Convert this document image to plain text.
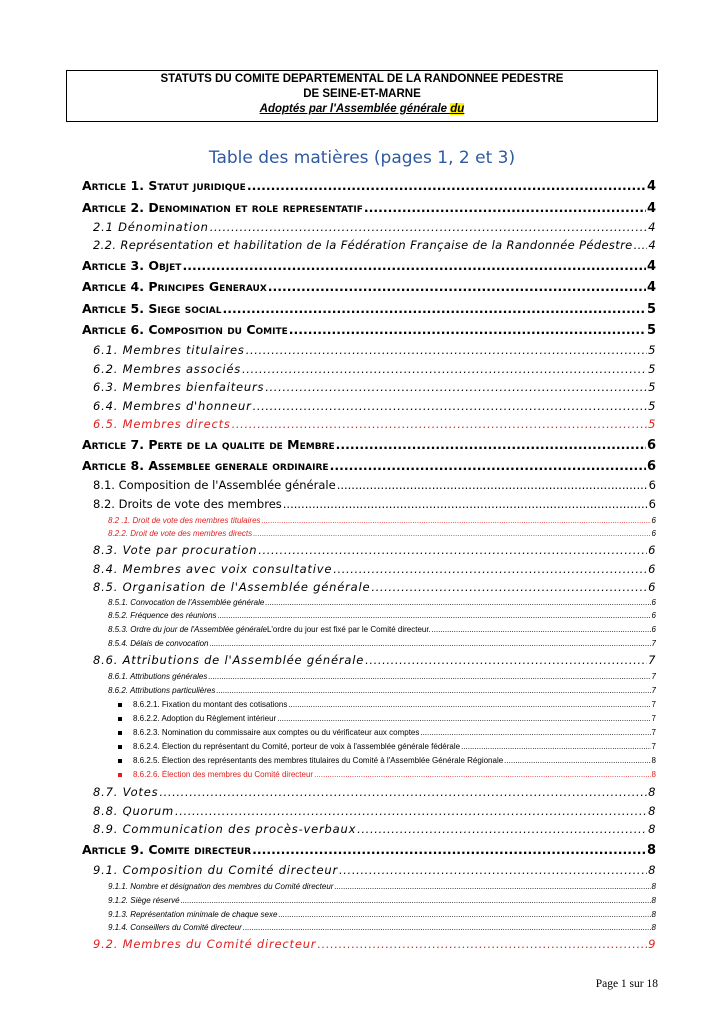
STATUTS DU COMITE DEPARTEMENTAL DE LA RANDONNEE PEDESTRE
DE SEINE-ET-MARNE
Adoptés par l'Assemblée générale du
Table des matières (pages 1, 2 et 3)
Article 1. Statut juridique .....	4
Article 2. Denomination et role representatif .....	4
2.1 Dénomination .....	4
2.2. Représentation et habilitation de la Fédération Française de la Randonnée Pédestre ..... 4
Article 3. Objet .....	4
Article 4. Principes Generaux .....	4
Article 5. Siege social .....	5
Article 6. Composition du Comite .....	5
6.1. Membres titulaires .....	5
6.2. Membres associés .....	5
6.3. Membres bienfaiteurs .....	5
6.4. Membres d'honneur .....	5
6.5. Membres directs .....	5
Article 7. Perte de la qualite de Membre .....	6
Article 8. Assemblee generale ordinaire .....	6
8.1. Composition de l'Assemblée générale .....	6
8.2. Droits de vote des membres .....	6
8.2 .1. Droit de vote des membres titulaires .....	6
8.2.2. Droit de vote des membres directs .....	6
8.3. Vote par procuration .....	6
8.4. Membres avec voix consultative .....	6
8.5. Organisation de l'Assemblée générale .....	6
8.5.1. Convocation de l'Assemblée générale .....	6
8.5.2. Fréquence des réunions .....	6
8.5.3. Ordre du jour de l'Assemblée générale L'ordre du jour est fixé par le Comité directeur. .....	6
8.5.4. Délais de convocation .....	7
8.6. Attributions de l'Assemblée générale .....	7
8.6.1. Attributions générales .....	7
8.6.2. Attributions particulières .....	7
8.6.2.1. Fixation du montant des cotisations .....	7
8.6.2.2. Adoption du Règlement intérieur .....	7
8.6.2.3. Nomination du commissaire aux comptes ou du vérificateur aux comptes .....	7
8.6.2.4. Élection du représentant du Comité, porteur de voix à l'assemblée générale fédérale .....	7
8.6.2.5. Élection des représentants des membres titulaires du Comité à l'Assemblée Générale Régionale .....	8
8.6.2.6. Élection des membres du Comité directeur .....	8
8.7. Votes .....	8
8.8. Quorum .....	8
8.9. Communication des procès-verbaux .....	8
Article 9. Comite directeur .....	8
9.1. Composition du Comité directeur .....	8
9.1.1. Nombre et désignation des membres du Comité directeur .....	8
9.1.2. Siège réservé .....	8
9.1.3. Représentation minimale de chaque sexe .....	8
9.1.4. Conseillers du Comité directeur .....	8
9.2. Membres du Comité directeur .....	9
Page 1 sur 18
